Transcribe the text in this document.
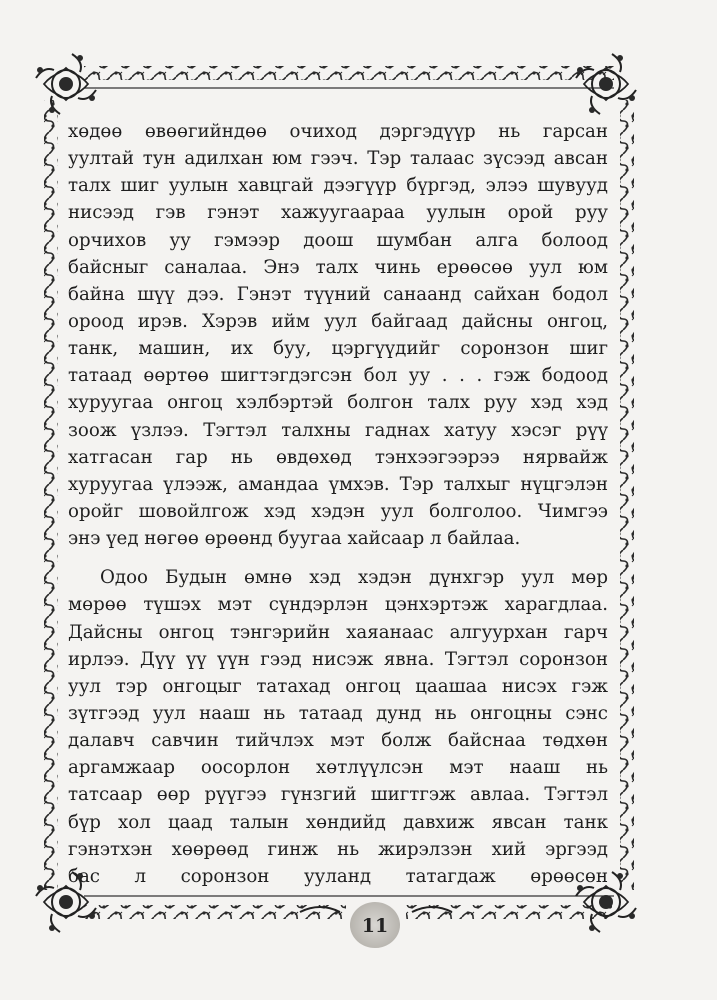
хөдөө өвөөгийндөө очиход дэргэдүүр нь гарсан
уултай тун адилхан юм гээч. Тэр талаас зүсээд авсан
талх шиг уулын хавцгай дээгүүр бүргэд, элээ шувууд
нисээд гэв гэнэт хажуугаараа уулын орой руу
орчихов уу гэмээр доош шумбан алга болоод
байсныг саналаа. Энэ талх чинь ерөөсөө уул юм
байна шүү дээ. Гэнэт түүний санаанд сайхан бодол
ороод ирэв. Хэрэв ийм уул байгаад дайсны онгоц,
танк, машин, их буу, цэргүүдийг соронзон шиг
татаад өөртөө шигтэгдэгсэн бол уу . . . гэж бодоод
хуруугаа онгоц хэлбэртэй болгон талх руу хэд хэд
зоож үзлээ. Тэгтэл талхны гаднах хатуу хэсэг рүү
хатгасан гар нь өвдөхөд тэнхээгээрээ нярвайж
хуруугаа үлээж, амандаа үмхэв. Тэр талхыг нүцгэлэн
оройг шовойлгож хэд хэдэн уул болголоо. Чимгээ
энэ үед нөгөө өрөөнд буугаа хайсаар л байлаа.
Одоо Будын өмнө хэд хэдэн дүнхгэр уул мөр
мөрөө түшэх мэт сүндэрлэн цэнхэртэж харагдлаа.
Дайсны онгоц тэнгэрийн хаяанаас алгуурхан гарч
ирлээ. Дүү үү үүн гээд нисэж явна. Тэгтэл соронзон
уул тэр онгоцыг татахад онгоц цаашаа нисэх гэж
зүтгээд уул нааш нь татаад дунд нь онгоцны сэнс
далавч савчин тийчлэх мэт болж байснаа төдхөн
аргамжаар оосорлон хөтлүүлсэн мэт нааш нь
татсаар өөр рүүгээ гүнзгий шигтгэж авлаа. Тэгтэл
бүр хол цаад талын хөндийд давхиж явсан танк
гэнэтхэн хөөрөөд гинж нь жирэлзэн хий эргээд
бас л соронзон ууланд татагдаж өрөөсөн
11
